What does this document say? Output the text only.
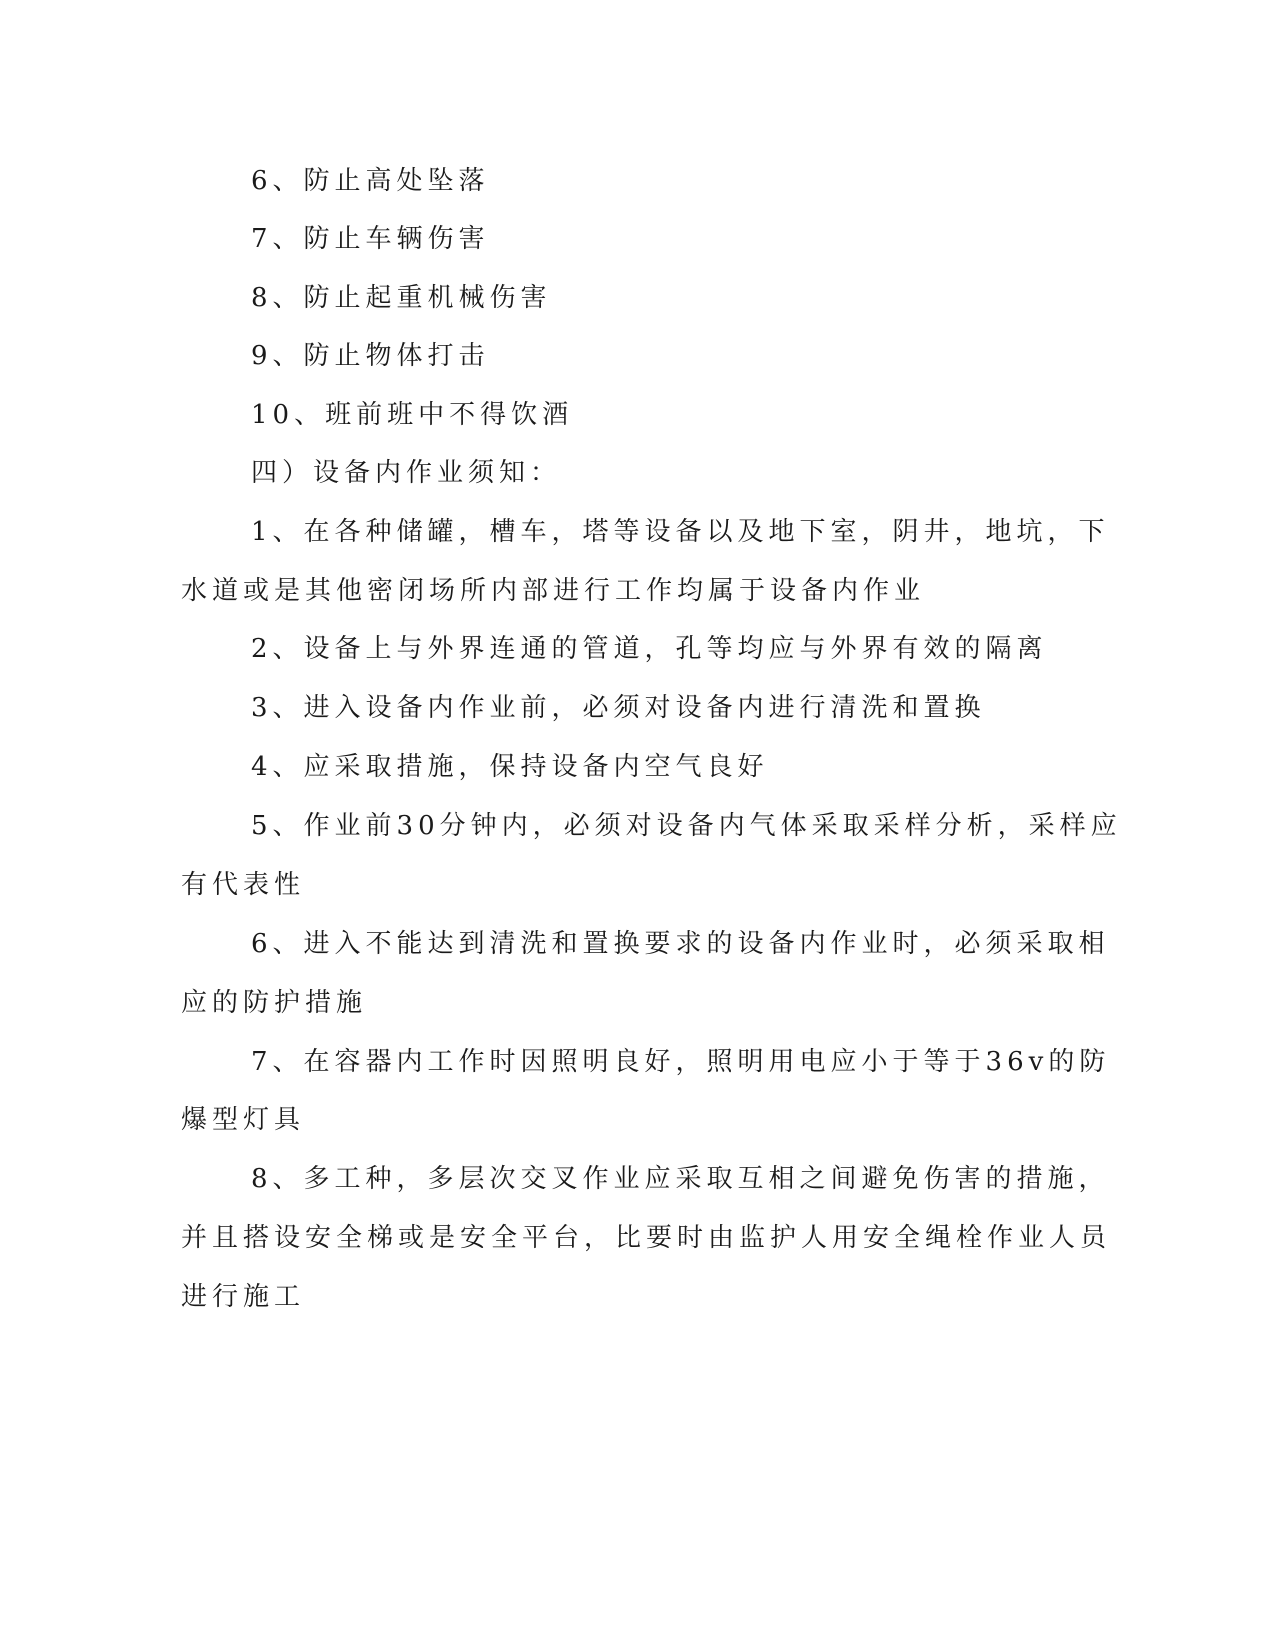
6、防止高处坠落
7、防止车辆伤害
8、防止起重机械伤害
9、防止物体打击
10、班前班中不得饮酒
四）设备内作业须知：
1、在各种储罐，槽车，塔等设备以及地下室，阴井，地坑，下
水道或是其他密闭场所内部进行工作均属于设备内作业
2、设备上与外界连通的管道，孔等均应与外界有效的隔离
3、进入设备内作业前，必须对设备内进行清洗和置换
4、应采取措施，保持设备内空气良好
5、作业前30分钟内，必须对设备内气体采取采样分析，采样应
有代表性
6、进入不能达到清洗和置换要求的设备内作业时，必须采取相
应的防护措施
7、在容器内工作时因照明良好，照明用电应小于等于36v的防
爆型灯具
8、多工种，多层次交叉作业应采取互相之间避免伤害的措施，
并且搭设安全梯或是安全平台，比要时由监护人用安全绳栓作业人员
进行施工
